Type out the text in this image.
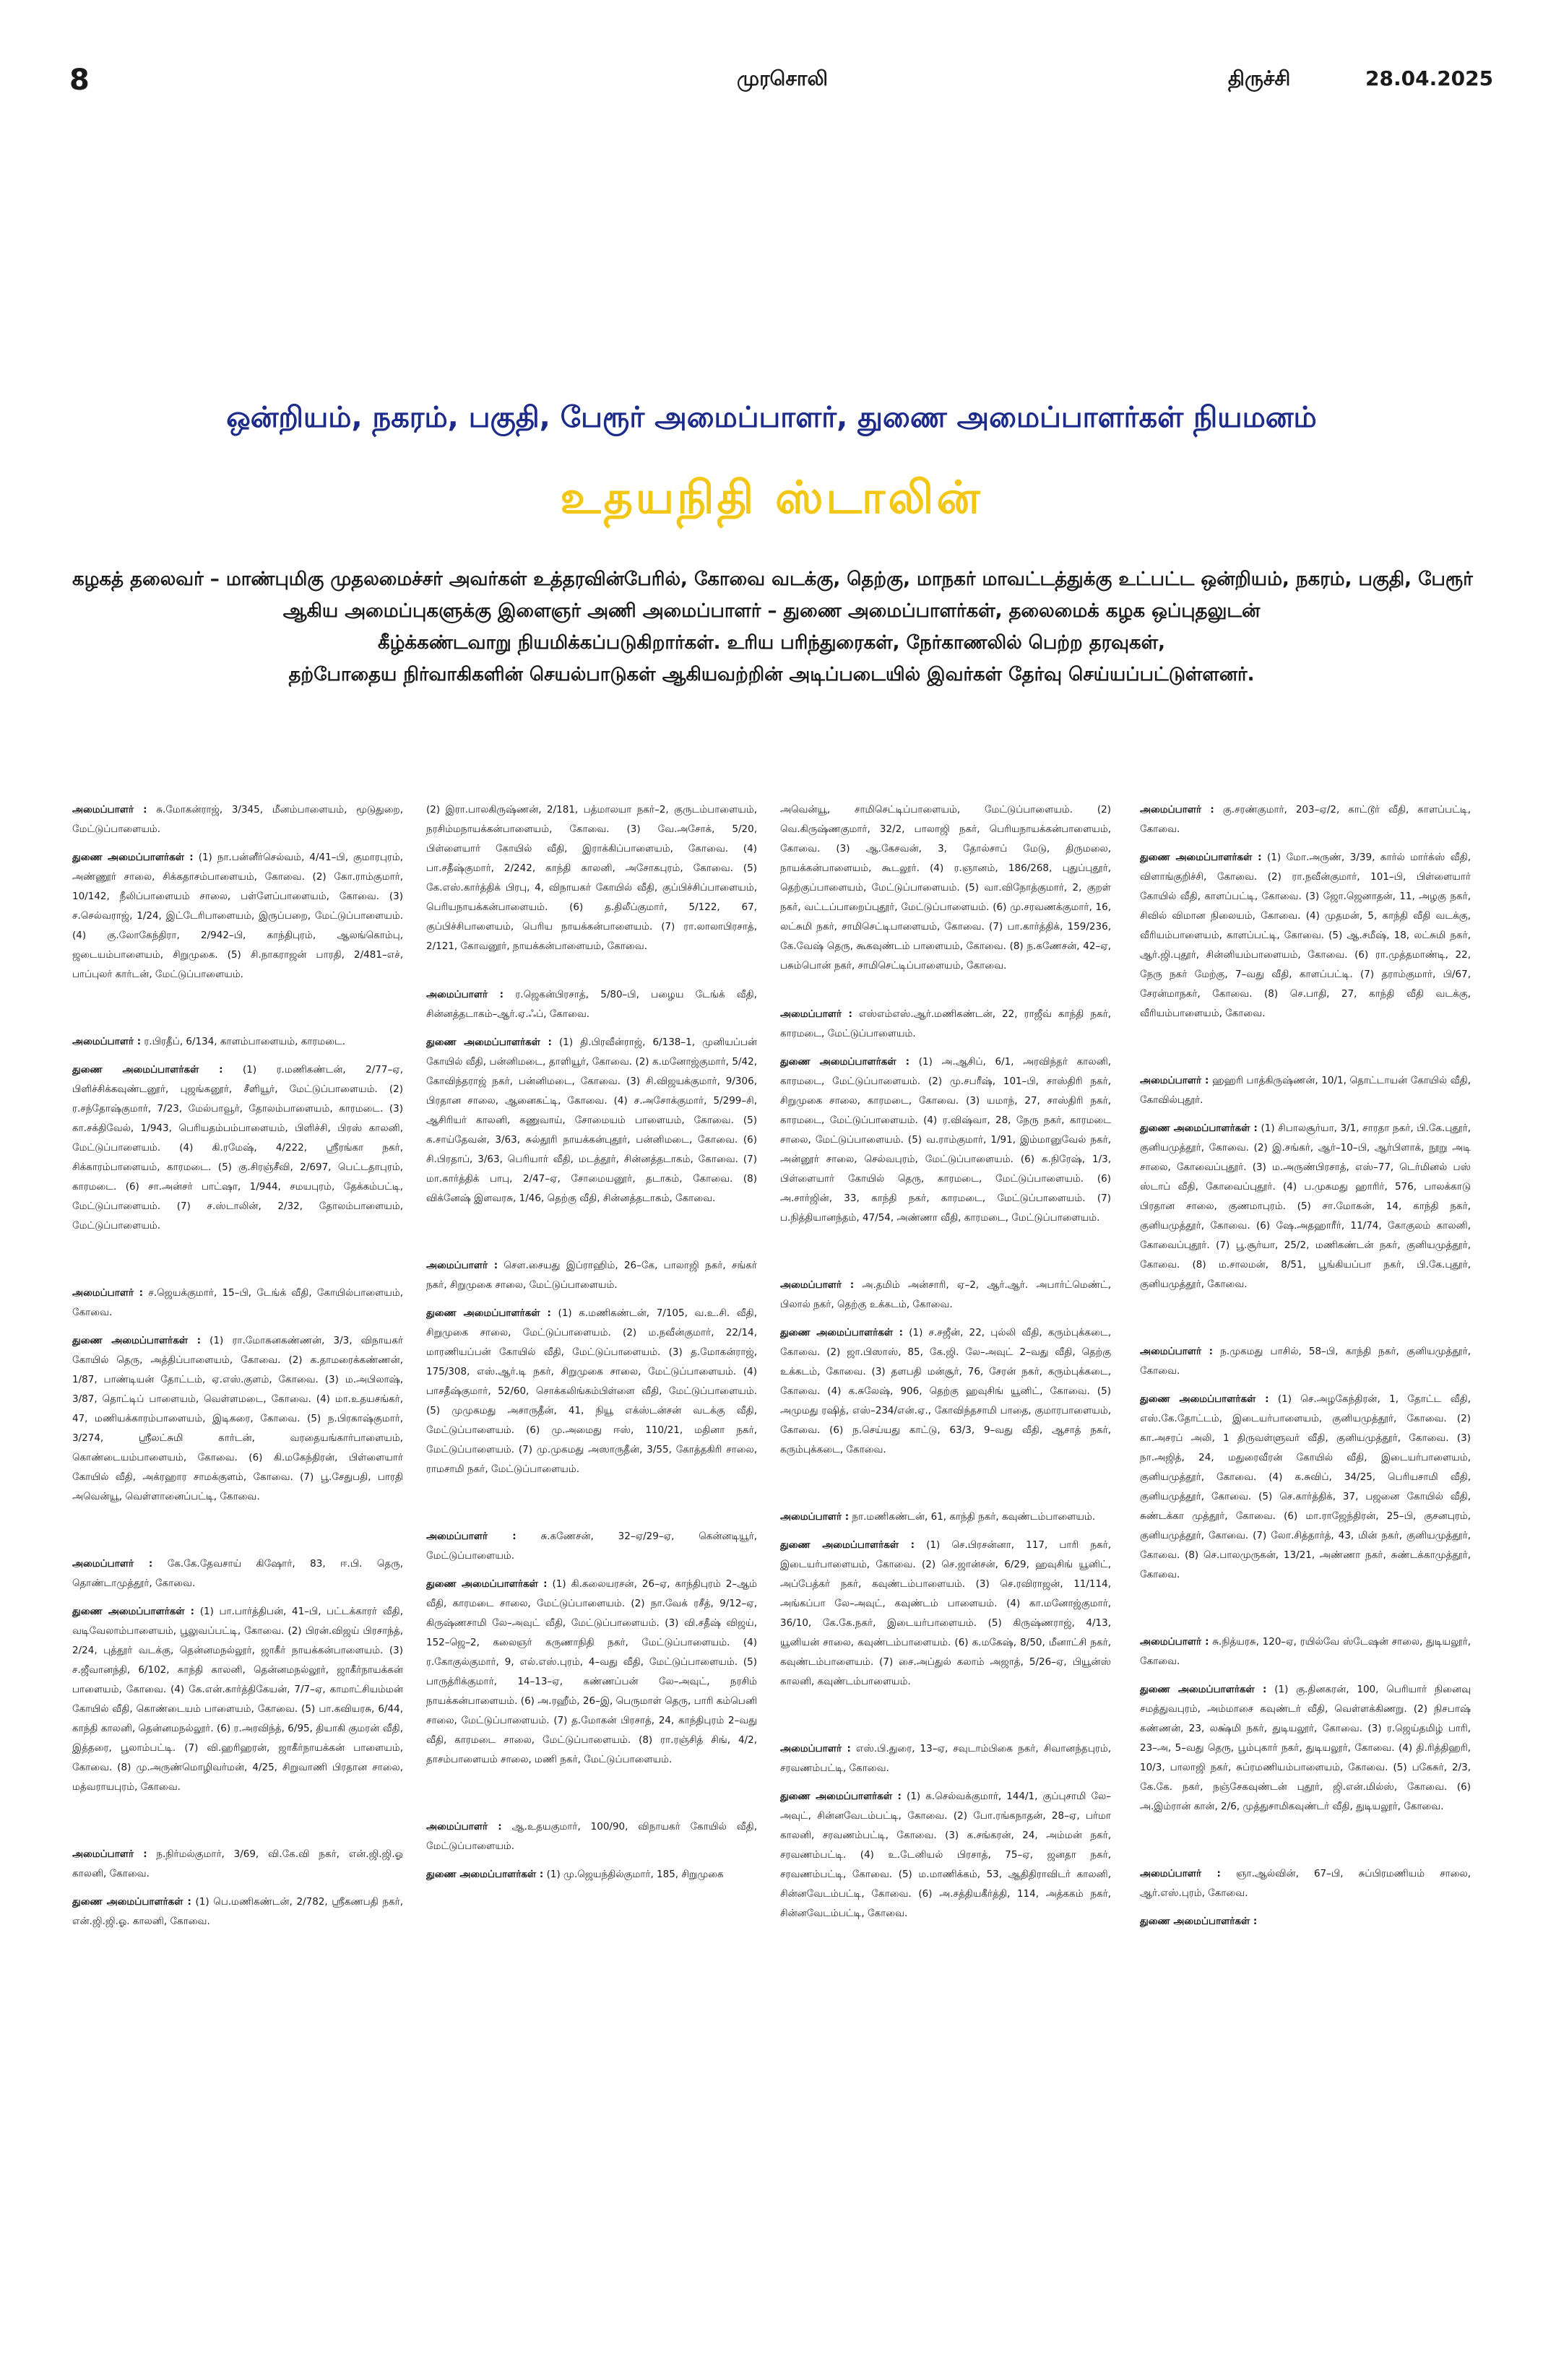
8	முரசொலி	திருச்சி	28.04.2025
ஒன்றியம், நகரம், பகுதி, பேரூர் அமைப்பாளர், துணை அமைப்பாளர்கள் நியமனம்
உதயநிதி ஸ்டாலின்
கழகத் தலைவர் – மாண்புமிகு முதலமைச்சர் அவர்கள் உத்தரவின்பேரில், கோவை வடக்கு, தெற்கு, மாநகர் மாவட்டத்துக்கு உட்பட்ட ஒன்றியம், நகரம், பகுதி, பேரூர்
ஆகிய அமைப்புகளுக்கு இளைஞர் அணி அமைப்பாளர் – துணை அமைப்பாளர்கள், தலைமைக் கழக ஒப்புதலுடன்
கீழ்க்கண்டவாறு நியமிக்கப்படுகிறார்கள். உரிய பரிந்துரைகள், நேர்காணலில் பெற்ற தரவுகள்,
தற்போதைய நிர்வாகிகளின் செயல்பாடுகள் ஆகியவற்றின் அடிப்படையில் இவர்கள் தேர்வு செய்யப்பட்டுள்ளனர்.
அமைப்பாளர் : சு.மோகன்ராஜ், 3/345, மீனம்பாளையம், மூடுதுறை, மேட்டுப்பாளையம்.
துணை அமைப்பாளர்கள் : (1) நா.பன்னீர்செல்வம், 4/41–பி, குமாரபுரம், அண்ணூர் சாலை, சிக்கதாசம்பாளையம், கோவை. (2) கோ.ராம்குமார், 10/142, நீலிப்பாளையம் சாலை, பள்ளேப்பாளையம், கோவை. (3) ச.செல்வராஜ், 1/24, இட்டேரிபாளையம், இருப்பறை, மேட்டுப்பாளையம். (4) கு.லோகேந்திரா, 2/942–பி, காந்திபுரம், ஆலங்கொம்பு, ஜடையம்பாளையம், சிறுமுகை. (5) சி.நாகராஜன் பாரதி, 2/481–எச், பாப்புலர் கார்டன், மேட்டுப்பாளையம்.
அமைப்பாளர் : ர.பிரதீப், 6/134, காளம்பாளையம், காரமடை.
துணை அமைப்பாளர்கள் : (1) ர.மணிகண்டன், 2/77–ஏ, பிளிச்சிக்கவுண்டனூர், புஜங்கனூர், சீளியூர், மேட்டுப்பாளையம். (2) ர.சந்தோஷ்குமார், 7/23, மேல்பாவூர், தோலம்பாளையம், காரமடை. (3) கா.சக்திவேல், 1/943, பெரியதம்பம்பாளையம், பிளிச்சி, பிரஸ் காலனி, மேட்டுப்பாளையம். (4) கி.ரமேஷ், 4/222, ஸ்ரீரங்கா நகர், சிக்காரம்பாளையம், காரமடை. (5) கு.சிரஞ்சீவி, 2/697, பெட்டதாபுரம், காரமடை. (6) சா.அன்சர் பாட்ஷா, 1/944, சமயபுரம், தேக்கம்பட்டி, மேட்டுப்பாளையம். (7) ச.ஸ்டாலின், 2/32, தோலம்பாளையம், மேட்டுப்பாளையம்.
அமைப்பாளர் : ச.ஜெயக்குமார், 15–பி, டேங்க் வீதி, கோயில்பாளையம், கோவை.
துணை அமைப்பாளர்கள் : (1) ரா.மோகனகண்ணன், 3/3, விநாயகர் கோயில் தெரு, அத்திப்பாளையம், கோவை. (2) க.தாமரைக்கண்ணன், 1/87, பாண்டியன் தோட்டம், ஏ.எஸ்.குளம், கோவை. (3) ம.அபிலாஷ், 3/87, தொட்டிப் பாளையம், வெள்ளமடை, கோவை. (4) மா.உதயசங்கர், 47, மணியக்காரம்பாளையம், இடிகரை, கோவை. (5) ந.பிரகாஷ்குமார், 3/274, ஸ்ரீலட்சுமி கார்டன், வரதையங்கார்பாளையம், கொண்டையம்பாளையம், கோவை. (6) கி.மகேந்திரன், பிள்ளையார் கோயில் வீதி, அக்ரஹார சாமக்குளம், கோவை. (7) பூ.சேதுபதி, பாரதி அவென்யூ, வெள்ளானைப்பட்டி, கோவை.
அமைப்பாளர் : கே.கே.தேவசாய் கிஷோர், 83, ஈ.பி. தெரு, தொண்டாமுத்தூர், கோவை.
துணை அமைப்பாளர்கள் : (1) பா.பார்த்திபன், 41–பி, பட்டக்காரர் வீதி, வடிவேலாம்பாளையம், பூலுவப்பட்டி, கோவை. (2) பிரன்.விஜய் பிரசாந்த், 2/24, புத்தூர் வடக்கு, தென்னமநல்லூர், ஜாகீர் நாயக்கன்பாளையம். (3) ச.ஜீவானந்தி, 6/102, காந்தி காலனி, தென்னமநல்லூர், ஜாகீர்நாயக்கன் பாளையம், கோவை. (4) கே.என்.கார்த்திகேயன், 7/7–ஏ, காமாட்சியம்மன் கோயில் வீதி, கொண்டையம் பாளையம், கோவை. (5) பா.கவியரசு, 6/44, காந்தி காலனி, தென்னமநல்லூர். (6) ர.அரவிந்த், 6/95, தியாகி குமரன் வீதி, இத்தரை, பூலாம்பட்டி. (7) வி.ஹரிஹரன், ஜாகீர்நாயக்கன் பாளையம், கோவை. (8) மு.அருண்மொழிவர்மன், 4/25, சிறுவாணி பிரதான சாலை, மத்வராயபுரம், கோவை.
அமைப்பாளர் : ந.நிர்மல்குமார், 3/69, வி.கே.வி நகர், என்.ஜி.ஜி.ஓ காலனி, கோவை.
துணை அமைப்பாளர்கள் : (1) பெ.மணிகண்டன், 2/782, ஸ்ரீகணபதி நகர், என்.ஜி.ஜி.ஓ. காலனி, கோவை.
(2) இரா.பாலகிருஷ்ணன், 2/181, பத்மாலயா நகர்–2, குருடம்பாளையம், நரசிம்மநாயக்கன்பாளையம், கோவை. (3) வே.அசோக், 5/20, பிள்ளையார் கோயில் வீதி, இராக்கிப்பாளையம், கோவை. (4) பா.சதீஷ்குமார், 2/242, காந்தி காலனி, அசோகபுரம், கோவை. (5) கே.எஸ்.கார்த்திக் பிரபு, 4, விநாயகர் கோயில் வீதி, குப்பிச்சிப்பாளையம், பெரியநாயக்கன்பாளையம். (6) த.திலீப்குமார், 5/122, 67, குப்பிச்சிபாளையம், பெரிய நாயக்கன்பாளையம். (7) ரா.லாலாபிரசாத், 2/121, கோவனூர், நாயக்கன்பாளையம், கோவை.
அமைப்பாளர் : ர.ஜெகன்பிரசாத், 5/80–பி, பழைய டேங்க் வீதி, சின்னத்தடாகம்–ஆர்.ஏ.ஃப், கோவை.
துணை அமைப்பாளர்கள் : (1) தி.பிரவீன்ராஜ், 6/138–1, முனியப்பன் கோயில் வீதி, பன்னிமடை, தாளியூர், கோவை. (2) க.மனோஜ்குமார், 5/42, கோவிந்தராஜ் நகர், பன்னிமடை, கோவை. (3) சி.விஜயக்குமார், 9/306, பிரதான சாலை, ஆனைகட்டி, கோவை. (4) ச.அசோக்குமார், 5/299–சி, ஆசிரியர் காலனி, கணுவாய், சோமையம் பாளையம், கோவை. (5) க.சாய்தேவன், 3/63, சுல்தூரி நாயக்கன்புதூர், பன்னிமடை, கோவை. (6) சி.பிரதாப், 3/63, பெரியார் வீதி, மடத்தூர், சின்னத்தடாகம், கோவை. (7) மா.கார்த்திக் பாபு, 2/47–ஏ, சோமையனூர், தடாகம், கோவை. (8) விக்னேஷ் இளவரசு, 1/46, தெற்கு வீதி, சின்னத்தடாகம், கோவை.
அமைப்பாளர் : சௌ.சையது இப்ராஹிம், 26–கே, பாலாஜி நகர், சங்கர் நகர், சிறுமுகை சாலை, மேட்டுப்பாளையம்.
துணை அமைப்பாளர்கள் : (1) க.மணிகண்டன், 7/105, வ.உ.சி. வீதி, சிறுமுகை சாலை, மேட்டுப்பாளையம். (2) ம.நவீன்குமார், 22/14, மாரணியப்பன் கோயில் வீதி, மேட்டுப்பாளையம். (3) த.மோகன்ராஜ், 175/308, எஸ்.ஆர்.டி நகர், சிறுமுகை சாலை, மேட்டுப்பாளையம். (4) பாசதீஷ்குமார், 52/60, சொக்கலிங்கம்பிள்ளை வீதி, மேட்டுப்பாளையம். (5) முமுகமது அசாருதீன், 41, நியூ எக்ஸ்டன்சன் வடக்கு வீதி, மேட்டுப்பாளையம். (6) மு.அமைது ஈஸ், 110/21, மதினா நகர், மேட்டுப்பாளையம். (7) மு.முகமது அஸாருதீன், 3/55, கோத்தகிரி சாலை, ராமசாமி நகர், மேட்டுப்பாளையம்.
அமைப்பாளர் :	சு.கணேசன், 32–ஏ/29–ஏ, கென்னடியூர், மேட்டுப்பாளையம்.
துணை அமைப்பாளர்கள் : (1) கி.கலையரசன், 26–ஏ, காந்திபுரம் 2–ஆம் வீதி, காரமடை சாலை, மேட்டுப்பாளையம். (2) நா.வேக் ரசீத், 9/12–ஏ, கிருஷ்ணசாமி லே–அவுட் வீதி, மேட்டுப்பாளையம். (3) வி.சதீஷ் விஜய், 152–ஜெ–2, கலைஞர் கருணாநிதி நகர், மேட்டுப்பாளையம். (4) ர.கோகுல்குமார், 9, எல்.எஸ்.புரம், 4–வது வீதி, மேட்டுப்பாளையம். (5) பாருத்ரிக்குமார், 14–13–ஏ, கண்ணப்பன் லே–அவுட், நரசிம் நாயக்கன்பாளையம். (6) அ.ரஹீம், 26–இ, பெருமாள் தெரு, பாரி கம்பெனி சாலை, மேட்டுப்பாளையம். (7) த.மோகன் பிரசாத், 24, காந்திபுரம் 2–வது வீதி, காரமடை சாலை, மேட்டுப்பாளையம். (8) ரா.ரஞ்சித் சிங், 4/2, தாசம்பாளையம் சாலை, மணி நகர், மேட்டுப்பாளையம்.
அமைப்பாளர் : ஆ.உதயகுமார், 100/90, விநாயகர் கோயில் வீதி, மேட்டுப்பாளையம்.
துணை அமைப்பாளர்கள் : (1) மு.ஜெயந்தில்குமார், 185, சிறுமுகை
அவென்யூ, சாமிசெட்டிப்பாளையம், மேட்டுப்பாளையம். (2) வெ.கிருஷ்ணகுமார், 32/2, பாலாஜி நகர், பெரியநாயக்கன்பாளையம், கோவை. (3) ஆ.கேசவன், 3, தோல்சாப் மேடு, திருமலை, நாயக்கன்பாளையம், கூடலூர். (4) ர.ஞானம், 186/268, புதுப்புதூர், தெற்குப்பாளையம், மேட்டுப்பாளையம். (5) வா.விநோத்குமார், 2, குறள் நகர், வட்டப்பாறைப்புதூர், மேட்டுப்பாளையம். (6) மு.சரவணக்குமார், 16, லட்சுமி நகர், சாமிசெட்டிபாளையம், கோவை. (7) பா.கார்த்திக், 159/236, கே.வேஷ் தெரு, கூகவுண்டம் பாளையம், கோவை. (8) ந.கணேசன், 42–ஏ, பசும்பொன் நகர், சாமிசெட்டிப்பாளையம், கோவை.
அமைப்பாளர் : எஸ்எம்எஸ்.ஆர்.மணிகண்டன், 22, ராஜீவ் காந்தி நகர், காரமடை, மேட்டுப்பாளையம்.
துணை அமைப்பாளர்கள் : (1) அ.ஆசிப், 6/1, அரவிந்தர் காலனி, காரமடை, மேட்டுப்பாளையம். (2) மு.சபரீஷ், 101–பி, சாஸ்திரி நகர், சிறுமுகை சாலை, காரமடை, கோவை. (3) யமாந், 27, சாஸ்திரி நகர், காரமடை, மேட்டுப்பாளையம். (4) ர.விஷ்வா, 28, நேரு நகர், காரமடை சாலை, மேட்டுப்பாளையம். (5) வ.ராம்குமார், 1/91, இம்மானுவேல் நகர், அன்னூர் சாலை, செல்வபுரம், மேட்டுப்பாளையம். (6) க.நிரேஷ், 1/3, பிள்ளையார் கோயில் தெரு, காரமடை, மேட்டுப்பாளையம். (6) அ.சார்ஜின், 33, காந்தி நகர், காரமடை, மேட்டுப்பாளையம். (7) ப.நித்தியானந்தம், 47/54, அண்ணா வீதி, காரமடை, மேட்டுப்பாளையம்.
அமைப்பாளர் : அ.தமிம் அன்சாரி, ஏ–2, ஆர்.ஆர். அபார்ட்மெண்ட், பிலால் நகர், தெற்கு உக்கடம், கோவை.
துணை அமைப்பாளர்கள் : (1) ச.சஜீன், 22, புல்லி வீதி, கரும்புக்கடை, கோவை. (2) ஜா.பிஸாஸ், 85, கே.ஜி. லே–அவுட் 2–வது வீதி, தெற்கு உக்கடம், கோவை. (3) தளபதி மன்சூர், 76, சேரன் நகர், கரும்புக்கடை, கோவை. (4) க.சுலேஷ், 906, தெற்கு ஹவுசிங் யூனிட், கோவை. (5) அமுமது ரஷித், எஸ்–234/என்.ஏ., கோவிந்தசாமி பாதை, குமாரபாளையம், கோவை. (6) ந.செய்யது காட்டு, 63/3, 9–வது வீதி, ஆசாத் நகர், கரும்புக்கடை, கோவை.
அமைப்பாளர் : நா.மணிகண்டன், 61, காந்தி நகர், கவுண்டம்பாளையம்.
துணை அமைப்பாளர்கள் : (1) செ.பிரசன்னா, 117, பாரி நகர், இடையர்பாளையம், கோவை. (2) செ.ஜான்சன், 6/29, ஹவுசிங் யூனிட், அப்பேத்கர் நகர், கவுண்டம்பாளையம். (3) செ.ரவிராஜன், 11/114, அங்கப்பா லே–அவுட், கவுண்டம் பாளையம். (4) கா.மனோஜ்குமார், 36/10, கே.கே.நகர், இடையர்பாளையம். (5) கிருஷ்ணராஜ், 4/13, யூனியன் சாலை, கவுண்டம்பாளையம். (6) க.மகேஷ், 8/50, மீனாட்சி நகர், கவுண்டம்பாளையம். (7) சை.அப்துல் கலாம் அஜாத், 5/26–ஏ, பியூன்ஸ் காலனி, கவுண்டம்பாளையம்.
அமைப்பாளர் : எஸ்.பி.துரை, 13–ஏ, சவுடாம்பிகை நகர், சிவானந்தபுரம், சரவணம்பட்டி, கோவை.
துணை அமைப்பாளர்கள் : (1) க.செல்வக்குமார், 144/1, குப்புசாமி லே–அவுட், சின்னவேடம்பட்டி, கோவை. (2) போ.ரங்கநாதன், 28–ஏ, பர்மா காலனி, சரவணம்பட்டி, கோவை. (3) க.சங்கரன், 24, அம்மன் நகர், சரவணம்பட்டி. (4) உ.டேனியல் பிரசாத், 75–ஏ, ஜனதா நகர், சரவணம்பட்டி, கோவை. (5) ம.மாணிக்கம், 53, ஆதிதிராவிடர் காலனி, சின்னவேடம்பட்டி, கோவை. (6) அ.சத்தியகீர்த்தி, 114, அத்ககம் நகர், சின்னவேடம்பட்டி, கோவை.
அமைப்பாளர் : கு.சரண்குமார், 203–ஏ/2, காட்டூர் வீதி, காளப்பட்டி, கோவை.
துணை அமைப்பாளர்கள் : (1) மோ.அருண், 3/39, கார்ல் மார்க்ஸ் வீதி, விளாங்குறிச்சி, கோவை. (2) ரா.நவீன்குமார், 101–பி, பிள்ளையார் கோயில் வீதி, காளப்பட்டி, கோவை. (3) ஜோ.ஜெனாதன், 11, அழகு நகர், சிவில் விமான நிலையம், கோவை. (4) முதமன், 5, காந்தி வீதி வடக்கு, வீரியம்பாளையம், காளப்பட்டி, கோவை. (5) ஆ.சமீஷ், 18, லட்சுமி நகர், ஆர்.ஜி.புதூர், சின்னியம்பாளையம், கோவை. (6) ரா.முத்தமாண்டி, 22, நேரு நகர் மேற்கு, 7–வது வீதி, காளப்பட்டி. (7) தராம்குமார், பி/67, சேரன்மாநகர், கோவை. (8) செ.பாதி, 27, காந்தி வீதி வடக்கு, வீரியம்பாளையம், கோவை.
அமைப்பாளர் : ஹஹரி பாத்கிருஷ்ணன், 10/1, தொட்டாயன் கோயில் வீதி, கோவில்புதூர்.
துணை அமைப்பாளர்கள் : (1) சிபாலசூர்யா, 3/1, சாரதா நகர், பி.கே.புதூர், குனியமுத்தூர், கோவை. (2) இ.சங்கர், ஆர்–10–பி, ஆர்பிளாக், நூறு அடி சாலை, கோவைப்புதூர். (3) ம.அருண்பிரசாத், எஸ்–77, டெர்மினல் பஸ் ஸ்டாப் வீதி, கோவைப்புதூர். (4) ப.முகமது ஹாரிர், 576, பாலக்காடு பிரதான சாலை, குணமாபுரம். (5) சா.மோகன், 14, காந்தி நகர், குனியமுத்தூர், கோவை. (6) ஷே.அதஹாரீர், 11/74, கோகுலம் காலனி, கோவைப்புதூர். (7) பூ.சூர்யா, 25/2, மணிகண்டன் நகர், குனியமுத்தூர், கோவை. (8) ம.சாலமன், 8/51, பூங்கியப்பா நகர், பி.கே.புதூர், குனியமுத்தூர், கோவை.
அமைப்பாளர் : ந.முகமது பாசில், 58–பி, காந்தி நகர், குனியமுத்தூர், கோவை.
துணை அமைப்பாளர்கள் : (1) செ.அழகேந்திரன், 1, தோட்ட வீதி, எஸ்.கே.தோட்டம், இடையர்பாளையம், குனியமுத்தூர், கோவை. (2) கா.அசரப் அலி, 1 திருவள்ளுவர் வீதி, குனியமுத்தூர், கோவை. (3) நா.அஜித், 24, மதுரைவீரன் கோயில் வீதி, இடையர்பாளையம், குனியமுத்தூர், கோவை. (4) க.சுவிப், 34/25, பெரியசாமி வீதி, குனியமுத்தூர், கோவை. (5) செ.கார்த்திக், 37, பஜனை கோயில் வீதி, சுண்டக்கா முத்தூர், கோவை. (6) மா.ராஜேந்திரன், 25–பி, குசனபுரம், குனியமுத்தூர், கோவை. (7) லோ.சித்தார்த், 43, மின் நகர், குனியமுத்தூர், கோவை. (8) செ.பாலமுருகன், 13/21, அண்ணா நகர், சுண்டக்காமுத்தூர், கோவை.
அமைப்பாளர் : சு.நித்யரசு, 120–ஏ, ரயில்வே ஸ்டேஷன் சாலை, துடியலூர், கோவை.
துணை அமைப்பாளர்கள் : (1) கு.தினகரன், 100, பெரியார் நினைவு சமத்துவபுரம், அம்மாசை கவுண்டர் வீதி, வெள்ளக்கிணறு. (2) நிசபாஷ் கண்ணன், 23, லக்ஷ்மி நகர், துடியலூர், கோவை. (3) ர.ஜெய்தமிழ் பாரி, 23–அ, 5–வது தெரு, பூம்புகார் நகர், துடியலூர், கோவை. (4) தி.ரித்திஹரி, 10/3, பாலாஜி நகர், சுப்ரமணியம்பாளையம், கோவை. (5) பகேசுர், 2/3, கே.கே. நகர், நஞ்சேகவுண்டன் புதூர், ஜி.என்.மில்ஸ், கோவை. (6) அ.இம்ரான் கான், 2/6, முத்துசாமிகவுண்டர் வீதி, துடியலூர், கோவை.
அமைப்பாளர் : ஞா.ஆல்வின், 67–பி, சுப்பிரமணியம் சாலை, ஆர்.எஸ்.புரம், கோவை.
துணை அமைப்பாளர்கள் :
